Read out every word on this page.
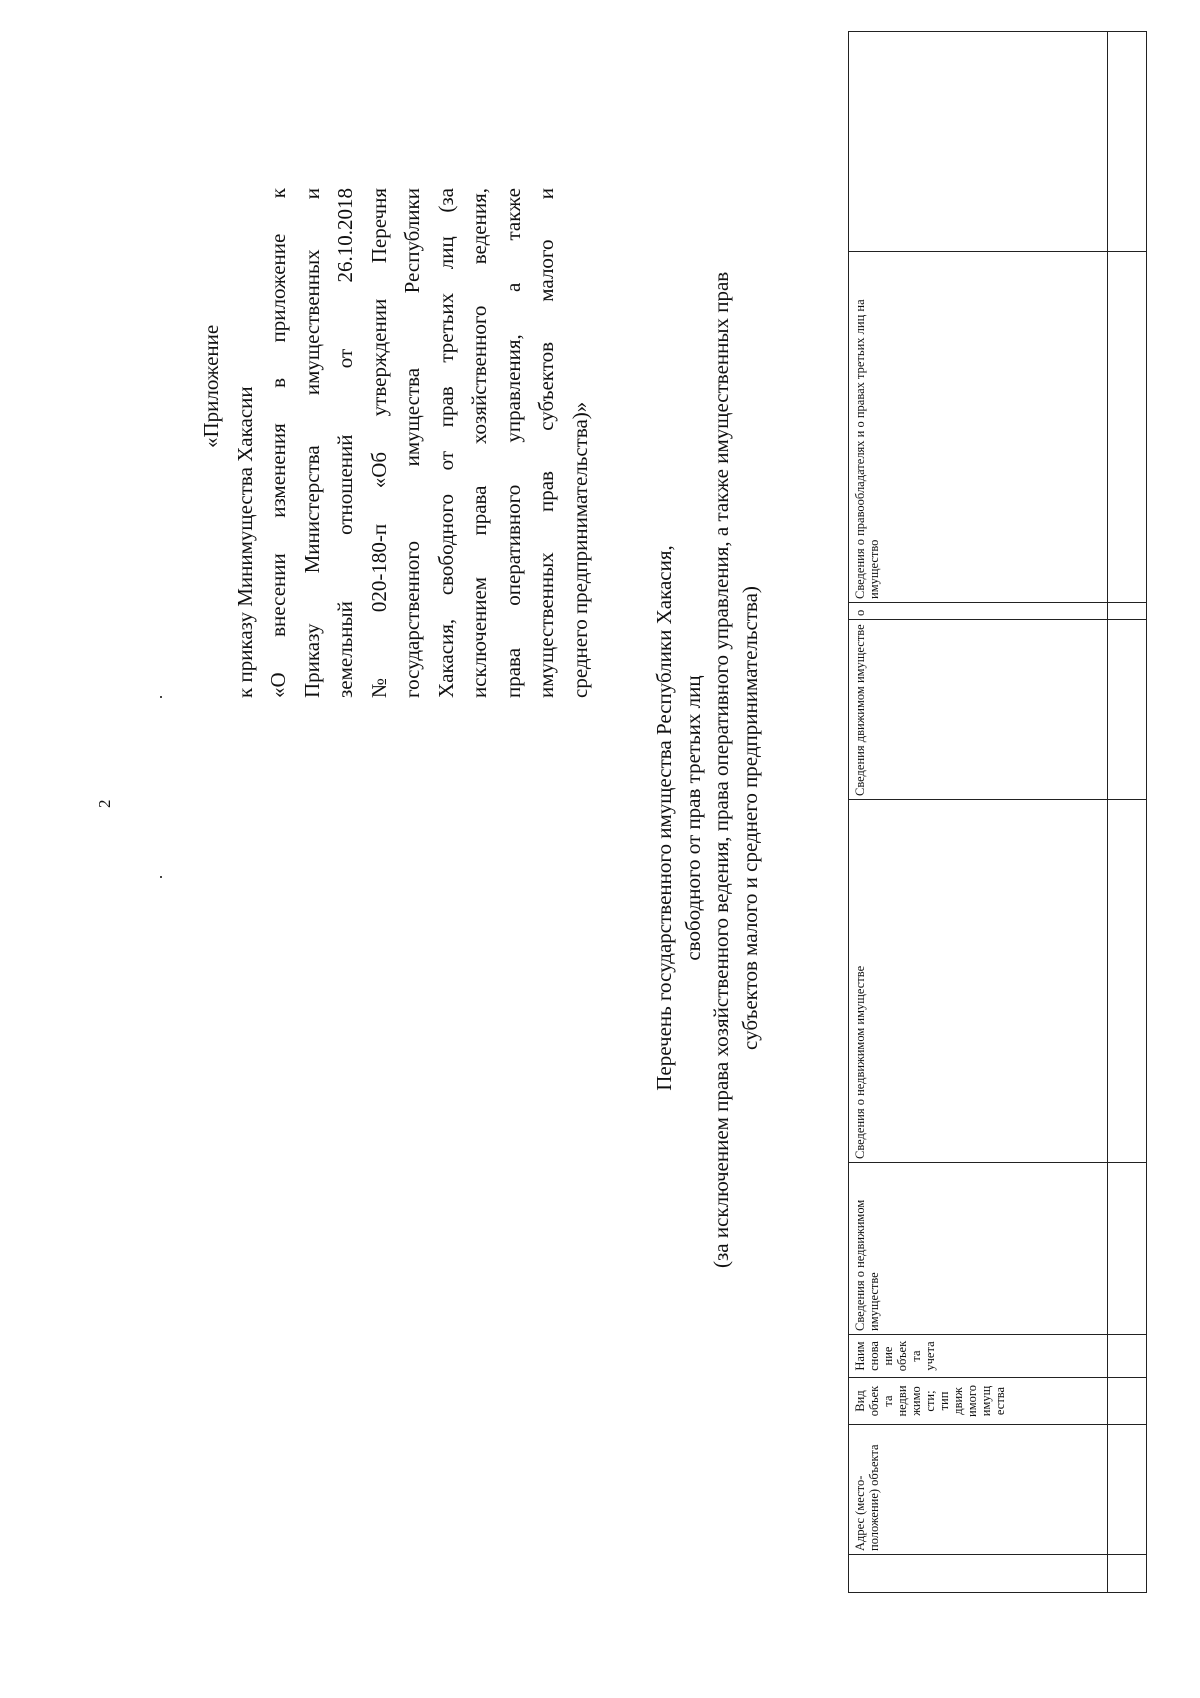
2
«Приложение к приказу Минимущества Хакасии «О внесении изменения в приложение к Приказу Министерства имущественных и земельный отношений от 26.10.2018 № 020-180-п «Об утверждении Перечня государственного имущества Республики Хакасия, свободного от прав третьих лиц (за исключением права хозяйственного ведения, права оперативного управления, а также имущественных прав субъектов малого и среднего предпринимательства)»	Перечень государственного имущества Республики Хакасия, свободного от прав третьих лиц (за исключением права хозяйственного ведения, права оперативного управления, а также имущественных прав субъектов малого и среднего предпринимательства)
	Адрес (место-положение) объекта	Вид объек та недви жимо сти; тип движ имого имущ ества	Наим снова ние объек та учета	Сведения о недвижимом имуществе	Сведения о недвижимом имуществе	Сведения движимом имуществе	о	Сведения о правообладателях и о правах третьих лиц на имущество	
